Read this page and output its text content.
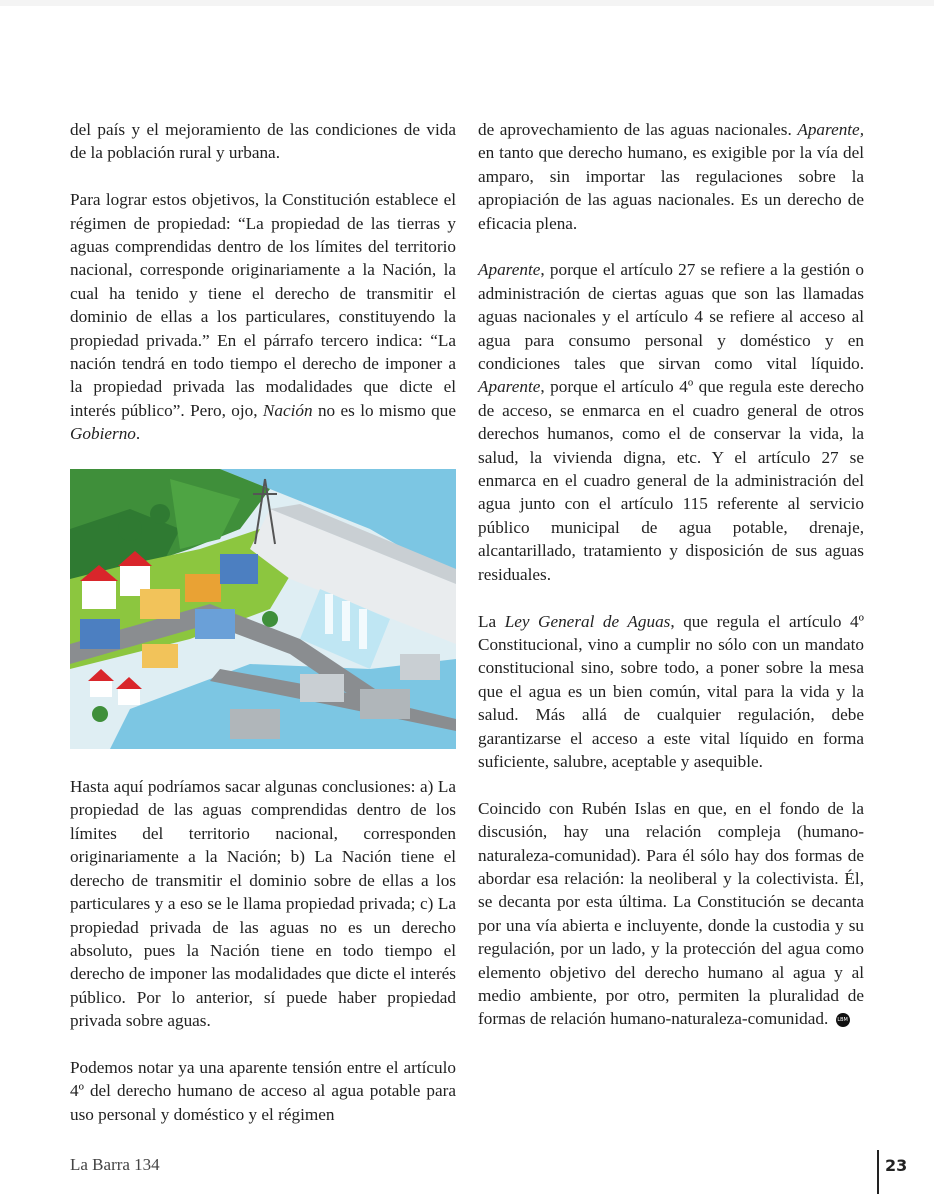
del país y el mejoramiento de las condiciones de vida de la población rural y urbana.

Para lograr estos objetivos, la Constitución establece el régimen de propiedad: “La propiedad de las tierras y aguas comprendidas dentro de los límites del territorio nacional, corresponde originariamente a la Nación, la cual ha tenido y tiene el derecho de transmitir el dominio de ellas a los particulares, constituyendo la propiedad privada.” En el párrafo tercero indica: “La nación tendrá en todo tiempo el derecho de imponer a la propiedad privada las modalidades que dicte el interés público”. Pero, ojo, Nación no es lo mismo que Gobierno.

Hasta aquí podríamos sacar algunas conclusiones: a) La propiedad de las aguas comprendidas dentro de los límites del territorio nacional, corresponden originariamente a la Nación; b) La Nación tiene el derecho de transmitir el dominio sobre de ellas a los particulares y a eso se le llama propiedad privada; c) La propiedad privada de las aguas no es un derecho absoluto, pues la Nación tiene en todo tiempo el derecho de imponer las modalidades que dicte el interés público. Por lo anterior, sí puede haber propiedad privada sobre aguas.

Podemos notar ya una aparente tensión entre el artículo 4º del derecho humano de acceso al agua potable para uso personal y doméstico y el régimen

de aprovechamiento de las aguas nacionales. Aparente, en tanto que derecho humano, es exigible por la vía del amparo, sin importar las regulaciones sobre la apropiación de las aguas nacionales. Es un derecho de eficacia plena.

Aparente, porque el artículo 27 se refiere a la gestión o administración de ciertas aguas que son las llamadas aguas nacionales y el artículo 4 se refiere al acceso al agua para consumo personal y doméstico y en condiciones tales que sirvan como vital líquido. Aparente, porque el artículo 4º que regula este derecho de acceso, se enmarca en el cuadro general de otros derechos humanos, como el de conservar la vida, la salud, la vivienda digna, etc. Y el artículo 27 se enmarca en el cuadro general de la administración del agua junto con el artículo 115 referente al servicio público municipal de agua potable, drenaje, alcantarillado, tratamiento y disposición de sus aguas residuales.

La Ley General de Aguas, que regula el artículo 4º Constitucional, vino a cumplir no sólo con un mandato constitucional sino, sobre todo, a poner sobre la mesa que el agua es un bien común, vital para la vida y la salud. Más allá de cualquier regulación, debe garantizarse el acceso a este vital líquido en forma suficiente, salubre, aceptable y asequible.

Coincido con Rubén Islas en que, en el fondo de la discusión, hay una relación compleja (humano-naturaleza-comunidad). Para él sólo hay dos formas de abordar esa relación: la neoliberal y la colectivista. Él, se decanta por esta última. La Constitución se decanta por una vía abierta e incluyente, donde la custodia y su regulación, por un lado, y la protección del agua como elemento objetivo del derecho humano al agua y al medio ambiente, por otro, permiten la pluralidad de formas de relación humano-naturaleza-comunidad. LBM

La Barra 134	23
